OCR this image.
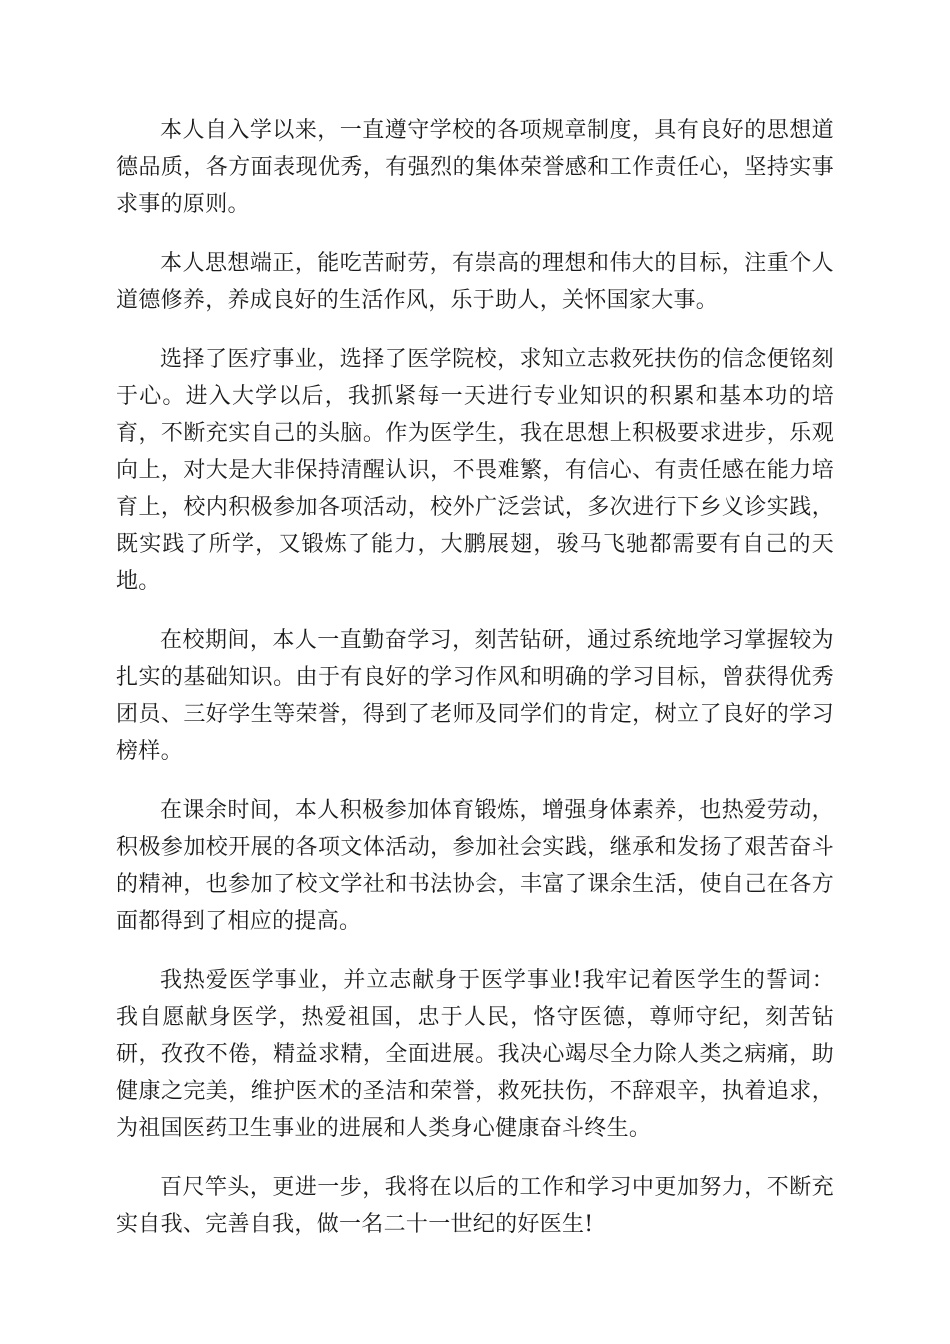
本人自入学以来，一直遵守学校的各项规章制度，具有良好的思想道德品质，各方面表现优秀，有强烈的集体荣誉感和工作责任心，坚持实事求事的原则。

本人思想端正，能吃苦耐劳，有崇高的理想和伟大的目标，注重个人道德修养，养成良好的生活作风，乐于助人，关怀国家大事。

选择了医疗事业，选择了医学院校，求知立志救死扶伤的信念便铭刻于心。进入大学以后，我抓紧每一天进行专业知识的积累和基本功的培育，不断充实自己的头脑。作为医学生，我在思想上积极要求进步，乐观向上，对大是大非保持清醒认识，不畏难繁，有信心、有责任感在能力培育上，校内积极参加各项活动，校外广泛尝试，多次进行下乡义诊实践，既实践了所学，又锻炼了能力，大鹏展翅，骏马飞驰都需要有自己的天地。

在校期间，本人一直勤奋学习，刻苦钻研，通过系统地学习掌握较为扎实的基础知识。由于有良好的学习作风和明确的学习目标，曾获得优秀团员、三好学生等荣誉，得到了老师及同学们的肯定，树立了良好的学习榜样。

在课余时间，本人积极参加体育锻炼，增强身体素养，也热爱劳动，积极参加校开展的各项文体活动，参加社会实践，继承和发扬了艰苦奋斗的精神，也参加了校文学社和书法协会，丰富了课余生活，使自己在各方面都得到了相应的提高。

我热爱医学事业，并立志献身于医学事业!我牢记着医学生的誓词：我自愿献身医学，热爱祖国，忠于人民，恪守医德，尊师守纪，刻苦钻研，孜孜不倦，精益求精，全面进展。我决心竭尽全力除人类之病痛，助健康之完美，维护医术的圣洁和荣誉，救死扶伤，不辞艰辛，执着追求，为祖国医药卫生事业的进展和人类身心健康奋斗终生。

百尺竿头，更进一步，我将在以后的工作和学习中更加努力，不断充实自我、完善自我，做一名二十一世纪的好医生!
